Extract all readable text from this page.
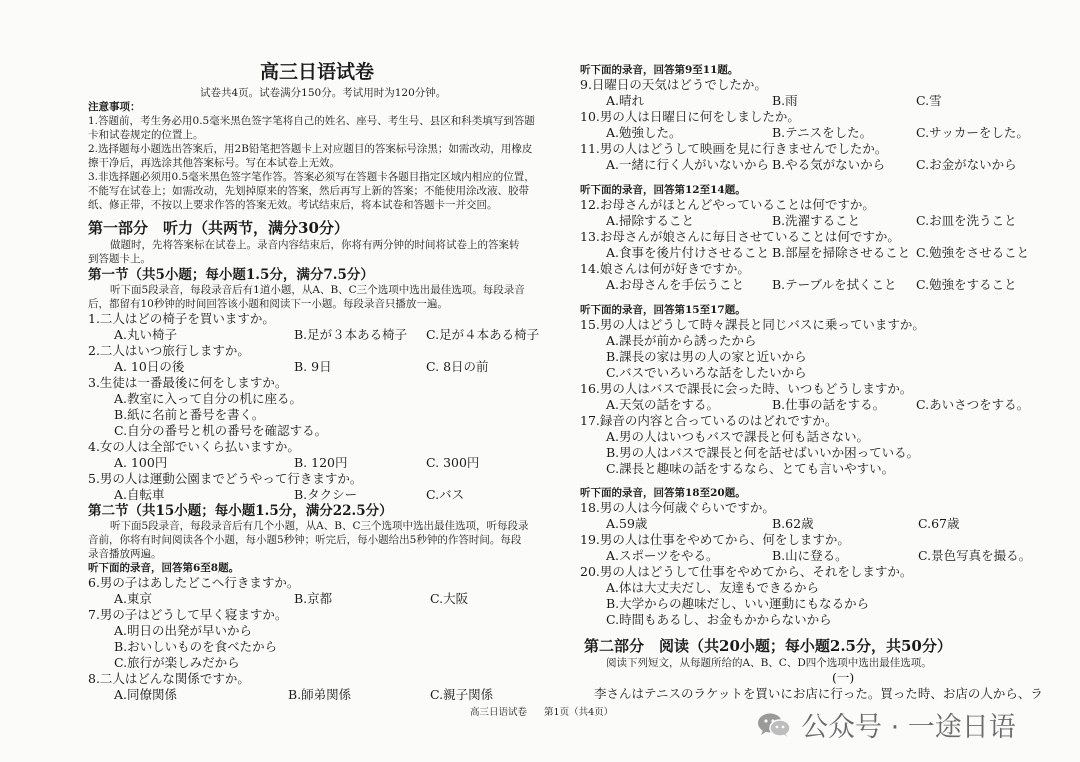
高三日语试卷
试卷共4页。试卷满分150分。考试用时为120分钟。
注意事项：
1.答题前，考生务必用0.5毫米黑色签字笔将自己的姓名、座号、考生号、县区和科类填写到答题
卡和试卷规定的位置上。
2.选择题每小题选出答案后，用2B铅笔把答题卡上对应题目的答案标号涂黑；如需改动，用橡皮
擦干净后，再选涂其他答案标号。写在本试卷上无效。
3.非选择题必须用0.5毫米黑色签字笔作答。答案必须写在答题卡各题目指定区域内相应的位置，
不能写在试卷上；如需改动，先划掉原来的答案，然后再写上新的答案；不能使用涂改液、胶带
纸、修正带，不按以上要求作答的答案无效。考试结束后，将本试卷和答题卡一并交回。
第一部分　听力（共两节，满分30分）
做题时，先将答案标在试卷上。录音内容结束后，你将有两分钟的时间将试卷上的答案转
到答题卡上。
第一节（共5小题；每小题1.5分，满分7.5分）
听下面5段录音，每段录音后有1道小题，从A、B、C三个选项中选出最佳选项。每段录音
后，都留有10秒钟的时间回答该小题和阅读下一小题。每段录音只播放一遍。
1.二人はどの椅子を買いますか。
A.丸い椅子	B.足が３本ある椅子 C.足が４本ある椅子
2.二人はいつ旅行しますか。
A. 10日の後	B. 9日	C. 8日の前
3.生徒は一番最後に何をしますか。
A.教室に入って自分の机に座る。
B.紙に名前と番号を書く。
C.自分の番号と机の番号を確認する。
4.女の人は全部でいくら払いますか。
A. 100円	B. 120円	C. 300円
5.男の人は運動公園までどうやって行きますか。
A.自転車	B.タクシー	C.バス
第二节（共15小题；每小题1.5分，满分22.5分）
听下面5段录音，每段录音后有几个小题，从A、B、C三个选项中选出最佳选项，听每段录
音前，你将有时间阅读各个小题，每小题5秒钟；听完后，每小题给出5秒钟的作答时间。每段
录音播放两遍。
听下面的录音，回答第6至8题。
6.男の子はあしたどこへ行きますか。
A.東京	B.京都	C.大阪
7.男の子はどうして早く寝ますか。
A.明日の出発が早いから
B.おいしいものを食べたから
C.旅行が楽しみだから
8.二人はどんな関係ですか。
A.同僚関係	B.師弟関係	C.親子関係
听下面的录音，回答第9至11题。
9.日曜日の天気はどうでしたか。
A.晴れ	B.雨	C.雪
10.男の人は日曜日に何をしましたか。
A.勉強した。	B.テニスをした。	C.サッカーをした。
11.男の人はどうして映画を見に行きませんでしたか。
A.一緒に行く人がいないから B.やる気がないから C.お金がないから
听下面的录音，回答第12至14题。
12.お母さんがほとんどやっていることは何ですか。
A.掃除すること	B.洗濯すること	C.お皿を洗うこと
13.お母さんが娘さんに毎日させていることは何ですか。
A.食事を後片付けさせること B.部屋を掃除させること C.勉強をさせること
14.娘さんは何が好きですか。
A.お母さんを手伝うこと B.テーブルを拭くこと C.勉強をすること
听下面的录音，回答第15至17题。
15.男の人はどうして時々課長と同じバスに乗っていますか。
A.課長が前から誘ったから
B.課長の家は男の人の家と近いから
C.バスでいろいろな話をしたいから
16.男の人はバスで課長に会った時、いつもどうしますか。
A.天気の話をする。	B.仕事の話をする。 C.あいさつをする。
17.録音の内容と合っているのはどれですか。
A.男の人はいつもバスで課長と何も話さない。
B.男の人はバスで課長と何を話せばいいか困っている。
C.課長と趣味の話をするなら、とても言いやすい。
听下面的录音，回答第18至20题。
18.男の人は今何歳ぐらいですか。
A.59歳	B.62歳	C.67歳
19.男の人は仕事をやめてから、何をしますか。
A.スポーツをやる。	B.山に登る。	C.景色写真を撮る。
20.男の人はどうして仕事をやめてから、それをしますか。
A.体は大丈夫だし、友達もできるから
B.大学からの趣味だし、いい運動にもなるから
C.時間もあるし、お金もかからないから
第二部分　阅读（共20小题；每小题2.5分，共50分）
阅读下列短文，从每题所给的A、B、C、D四个选项中选出最佳选项。
(一)
李さんはテニスのラケットを買いにお店に行った。買った時、お店の人から、ラ
高三日语试卷 第1页（共4页）	公众号 · 一途日语
